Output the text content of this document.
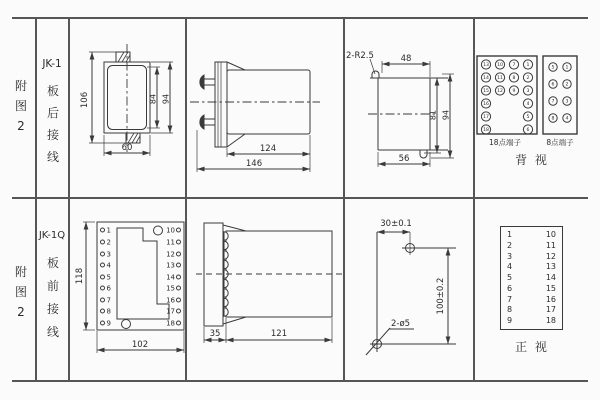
附图2
JK-1
板后接线
附图2
JK-1Q
板前接线
106	84 94
60	124
146
2-R2.5	48
81 94
56
13 10 7 1
14 11 8 2
15 12 9 3
16	4
17	5
18	6
5 1
6 2
7 3
8 4
18点端子	8点端子
背 视
1
2
3
4
5
6
7
8
9
10
11
12
13
14
15
16
17
18
118
102
35	121
30±0.1
100±0.2
2-ø5
1	10
2	11
3	12
4	13
5	14
6	15
7	16
8	17
9	18
正 视
